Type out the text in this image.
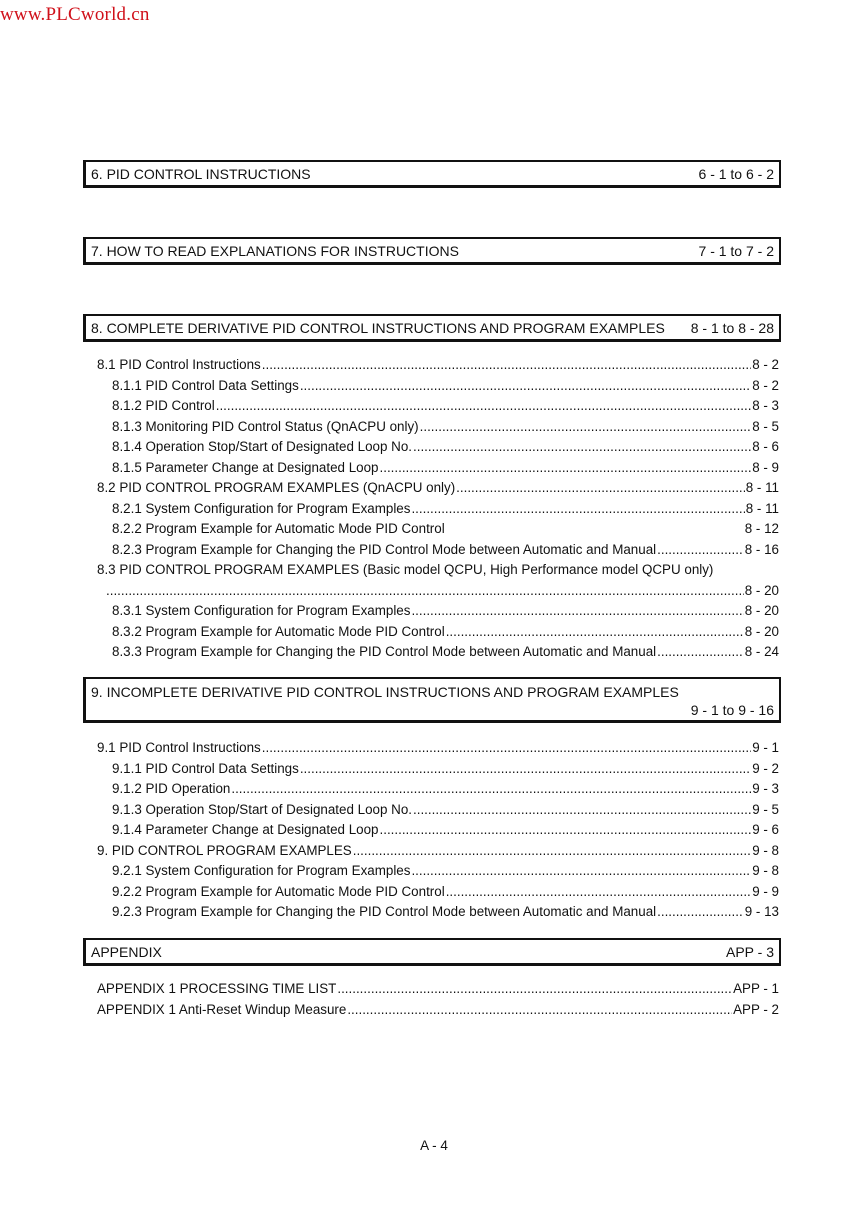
www.PLCworld.cn
6. PID CONTROL INSTRUCTIONS	6 - 1 to 6 - 2
7. HOW TO READ EXPLANATIONS FOR INSTRUCTIONS	7 - 1 to 7 - 2
8. COMPLETE DERIVATIVE PID CONTROL INSTRUCTIONS AND PROGRAM EXAMPLES 8 - 1 to 8 - 28
8.1 PID Control Instructions .....	8 - 2
8.1.1 PID Control Data Settings .....	8 - 2
8.1.2 PID Control .....	8 - 3
8.1.3 Monitoring PID Control Status (QnACPU only) .....	8 - 5
8.1.4 Operation Stop/Start of Designated Loop No. .....	8 - 6
8.1.5 Parameter Change at Designated Loop .....	8 - 9
8.2 PID CONTROL PROGRAM EXAMPLES (QnACPU only) .....	8 - 11
8.2.1 System Configuration for Program Examples .....	8 - 11
8.2.2 Program Example for Automatic Mode PID Control	8 - 12
8.2.3 Program Example for Changing the PID Control Mode between Automatic and Manual .....	8 - 16
8.3 PID CONTROL PROGRAM EXAMPLES (Basic model QCPU, High Performance model QCPU only)
.....
8 - 20
8.3.1 System Configuration for Program Examples .....	8 - 20
8.3.2 Program Example for Automatic Mode PID Control .....	8 - 20
8.3.3 Program Example for Changing the PID Control Mode between Automatic and Manual .....	8 - 24
9. INCOMPLETE DERIVATIVE PID CONTROL INSTRUCTIONS AND PROGRAM EXAMPLES
9 - 1 to 9 - 16
9.1 PID Control Instructions .....	9 - 1
9.1.1 PID Control Data Settings .....	9 - 2
9.1.2 PID Operation .....	9 - 3
9.1.3 Operation Stop/Start of Designated Loop No. .....	9 - 5
9.1.4 Parameter Change at Designated Loop .....	9 - 6
9. PID CONTROL PROGRAM EXAMPLES .....	9 - 8
9.2.1 System Configuration for Program Examples .....	9 - 8
9.2.2 Program Example for Automatic Mode PID Control .....	9 - 9
9.2.3 Program Example for Changing the PID Control Mode between Automatic and Manual .....	9 - 13
APPENDIX	APP - 3
APPENDIX 1 PROCESSING TIME LIST .....	APP - 1
APPENDIX 1 Anti-Reset Windup Measure .....	APP - 2
A - 4
